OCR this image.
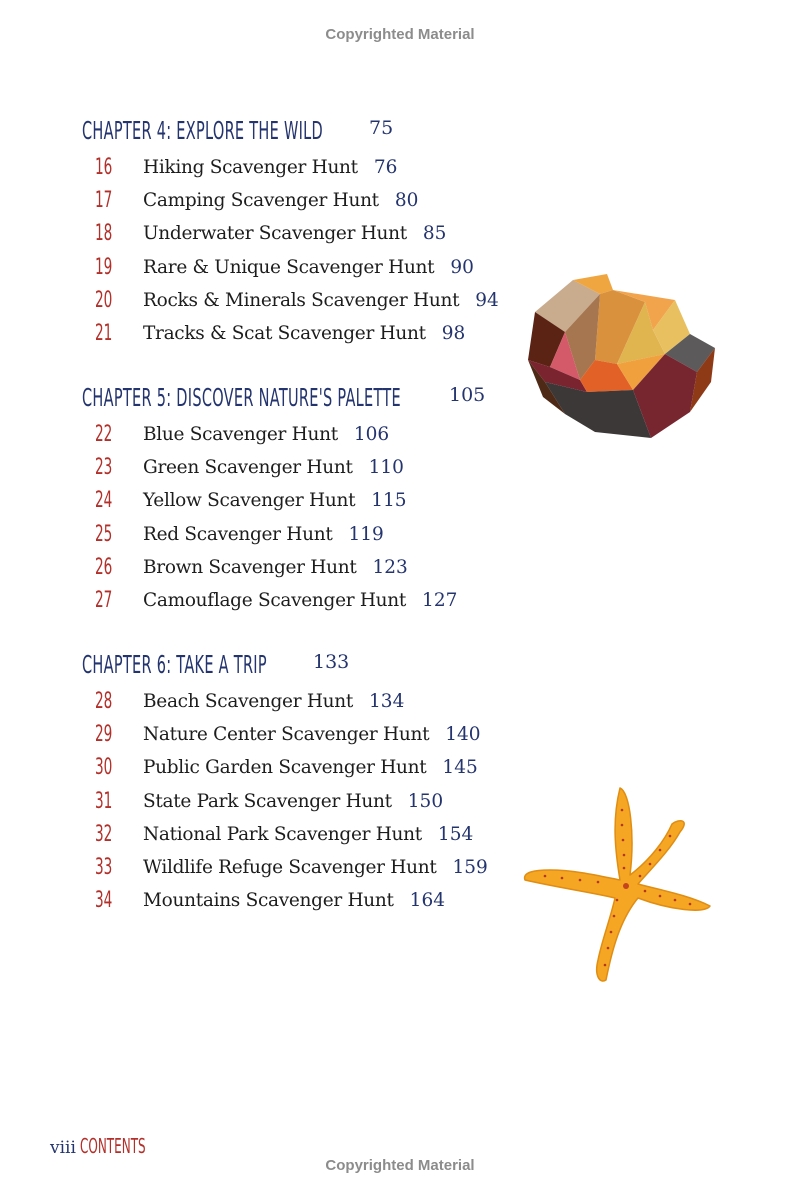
Copyrighted Material
CHAPTER 4: EXPLORE THE WILD 75
16	Hiking Scavenger Hunt 76
17	Camping Scavenger Hunt 80
18	Underwater Scavenger Hunt 85
19	Rare & Unique Scavenger Hunt 90
20	Rocks & Minerals Scavenger Hunt 94
21	Tracks & Scat Scavenger Hunt 98
CHAPTER 5: DISCOVER NATURE'S PALETTE	105
22	Blue Scavenger Hunt 106
23	Green Scavenger Hunt 110
24	Yellow Scavenger Hunt 115
25	Red Scavenger Hunt 119
26	Brown Scavenger Hunt 123
27	Camouflage Scavenger Hunt 127
CHAPTER 6: TAKE A TRIP 133
28	Beach Scavenger Hunt 134
29	Nature Center Scavenger Hunt 140
30	Public Garden Scavenger Hunt 145
31	State Park Scavenger Hunt 150
32	National Park Scavenger Hunt 154
33	Wildlife Refuge Scavenger Hunt 159
34	Mountains Scavenger Hunt 164
viii CONTENTS
Copyrighted Material
